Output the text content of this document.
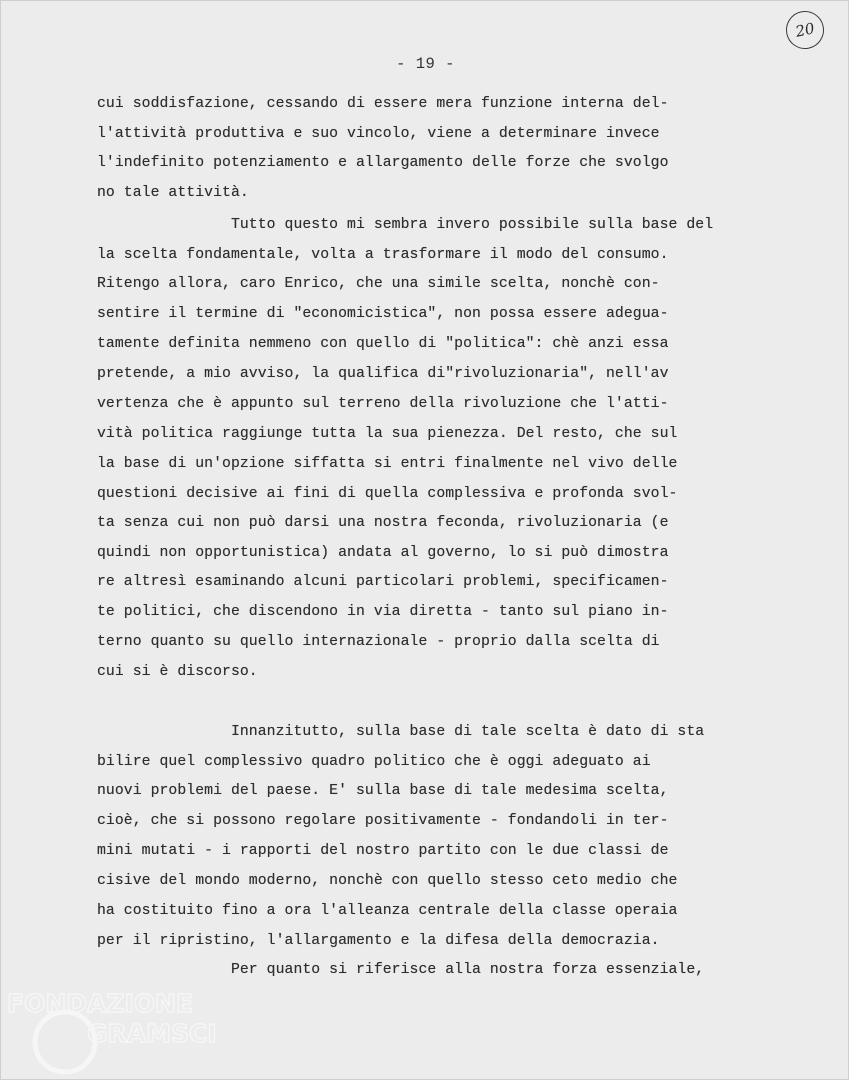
20
- 19 -
cui soddisfazione, cessando di essere mera funzione interna del-
l'attività produttiva e suo vincolo, viene a determinare invece
l'indefinito potenziamento e allargamento delle forze che svolgo
no tale attività.
Tutto questo mi sembra invero possibile sulla base del
la scelta fondamentale, volta a trasformare il modo del consumo.
Ritengo allora, caro Enrico, che una simile scelta, nonchè con-
sentire il termine di "economicistica", non possa essere adegua-
tamente definita nemmeno con quello di "politica": chè anzi essa
pretende, a mio avviso, la qualifica di"rivoluzionaria", nell'av
vertenza che è appunto sul terreno della rivoluzione che l'atti-
vità politica raggiunge tutta la sua pienezza. Del resto, che sul
la base di un'opzione siffatta si entri finalmente nel vivo delle
questioni decisive ai fini di quella complessiva e profonda svol-
ta senza cui non può darsi una nostra feconda, rivoluzionaria (e
quindi non opportunistica) andata al governo, lo si può dimostra
re altresì esaminando alcuni particolari problemi, specificamen-
te politici, che discendono in via diretta - tanto sul piano in-
terno quanto su quello internazionale - proprio dalla scelta di
cui si è discorso.
Innanzitutto, sulla base di tale scelta è dato di sta
bilire quel complessivo quadro politico che è oggi adeguato ai
nuovi problemi del paese. E' sulla base di tale medesima scelta,
cioè, che si possono regolare positivamente - fondandoli in ter-
mini mutati - i rapporti del nostro partito con le due classi de
cisive del mondo moderno, nonchè con quello stesso ceto medio che
ha costituito fino a ora l'alleanza centrale della classe operaia
per il ripristino, l'allargamento e la difesa della democrazia.
Per quanto si riferisce alla nostra forza essenziale,
FONDAZIONE
GRAMSCI
